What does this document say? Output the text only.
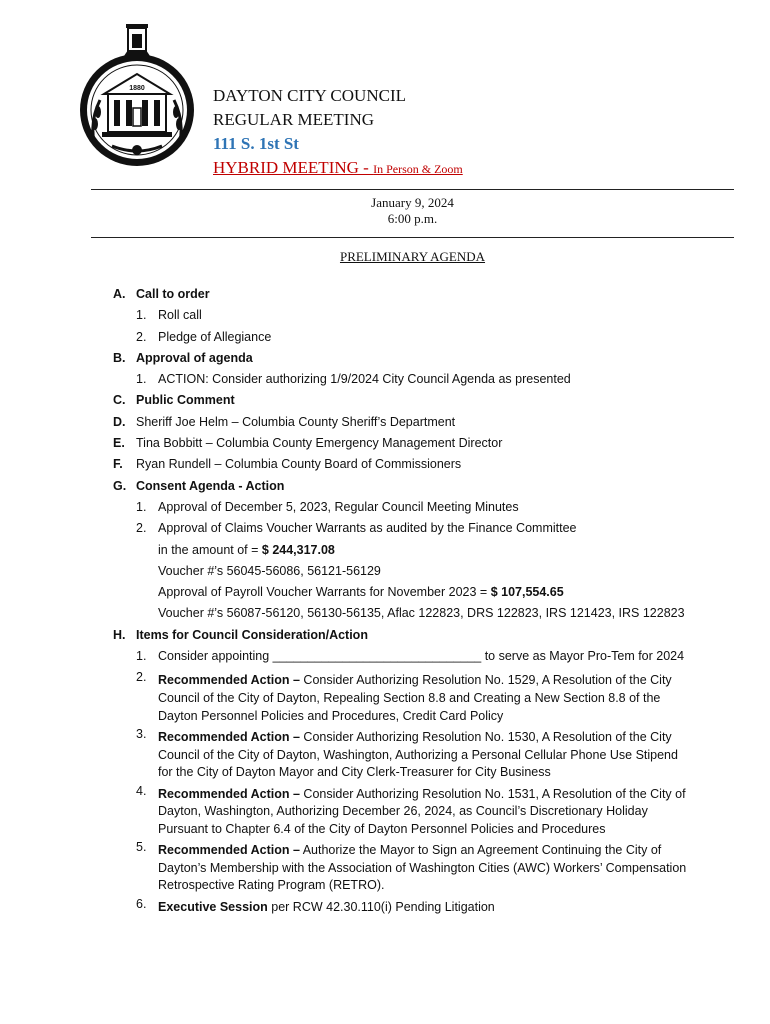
1880	DAYTON CITY COUNCIL
REGULAR MEETING
111 S. 1st St
HYBRID MEETING - In Person & Zoom
January 9, 2024
6:00 p.m.
PRELIMINARY AGENDA
A. Call to order
1. Roll call
2. Pledge of Allegiance
B. Approval of agenda
1. ACTION: Consider authorizing 1/9/2024 City Council Agenda as presented
C. Public Comment
D. Sheriff Joe Helm – Columbia County Sheriff’s Department
E. Tina Bobbitt – Columbia County Emergency Management Director
F. Ryan Rundell – Columbia County Board of Commissioners
G. Consent Agenda - Action
1. Approval of December 5, 2023, Regular Council Meeting Minutes
2. Approval of Claims Voucher Warrants as audited by the Finance Committee
in the amount of = $ 244,317.08
Voucher #’s 56045-56086, 56121-56129
Approval of Payroll Voucher Warrants for November 2023 = $ 107,554.65
Voucher #’s 56087-56120, 56130-56135, Aflac 122823, DRS 122823, IRS 121423, IRS 122823
H. Items for Council Consideration/Action
1. Consider appointing ______________________________ to serve as Mayor Pro-Tem for 2024
2. Recommended Action – Consider Authorizing Resolution No. 1529, A Resolution of the City Council of the City of Dayton, Repealing Section 8.8 and Creating a New Section 8.8 of the Dayton Personnel Policies and Procedures, Credit Card Policy
3. Recommended Action – Consider Authorizing Resolution No. 1530, A Resolution of the City Council of the City of Dayton, Washington, Authorizing a Personal Cellular Phone Use Stipend for the City of Dayton Mayor and City Clerk-Treasurer for City Business
4. Recommended Action – Consider Authorizing Resolution No. 1531, A Resolution of the City of Dayton, Washington, Authorizing December 26, 2024, as Council’s Discretionary Holiday Pursuant to Chapter 6.4 of the City of Dayton Personnel Policies and Procedures
5. Recommended Action – Authorize the Mayor to Sign an Agreement Continuing the City of Dayton’s Membership with the Association of Washington Cities (AWC) Workers’ Compensation Retrospective Rating Program (RETRO).
6. Executive Session per RCW 42.30.110(i) Pending Litigation
